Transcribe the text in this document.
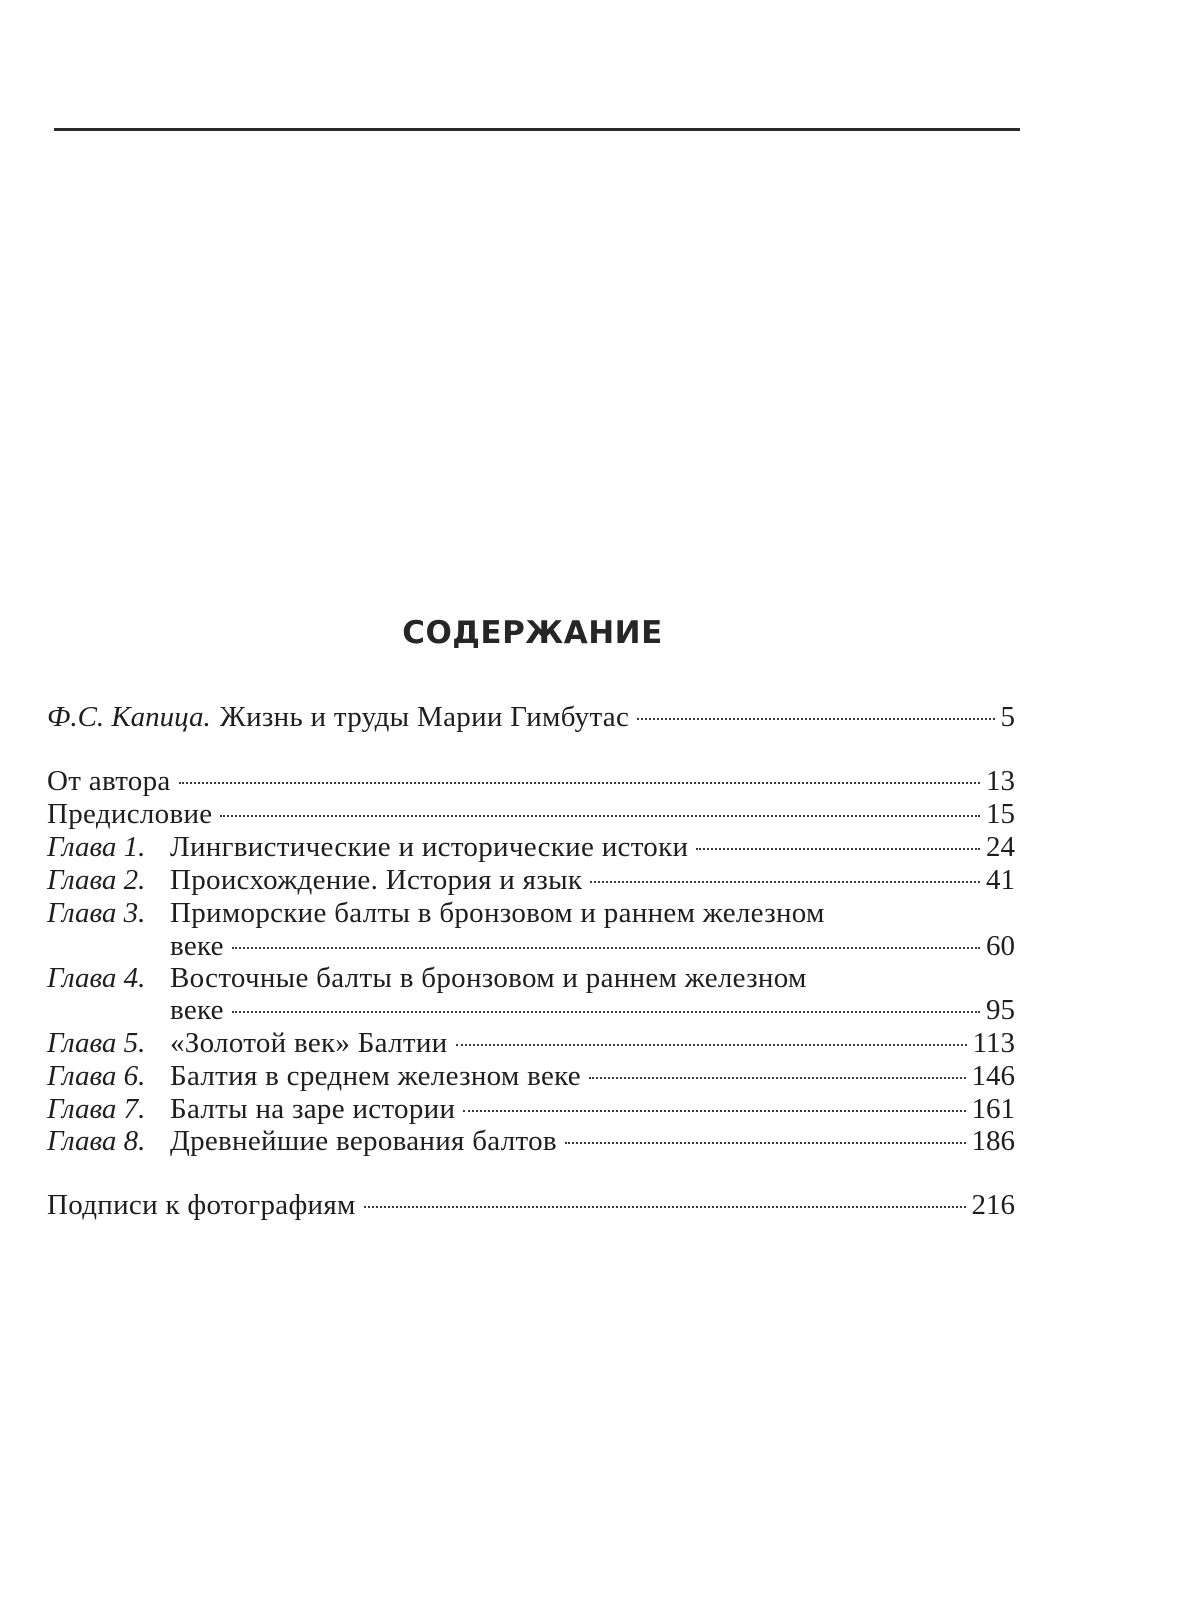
СОДЕРЖАНИЕ
Ф.С. Капица. Жизнь и труды Марии Гимбутас	5
От автора	13
Предисловие	15
Глава 1. Лингвистические и исторические истоки	24
Глава 2. Происхождение. История и язык	41
Глава 3. Приморские балты в бронзовом и раннем железном
веке	60
Глава 4. Восточные балты в бронзовом и раннем железном
веке	95
Глава 5. «Золотой век» Балтии	113
Глава 6. Балтия в среднем железном веке	146
Глава 7. Балты на заре истории	161
Глава 8. Древнейшие верования балтов	186
Подписи к фотографиям	216
